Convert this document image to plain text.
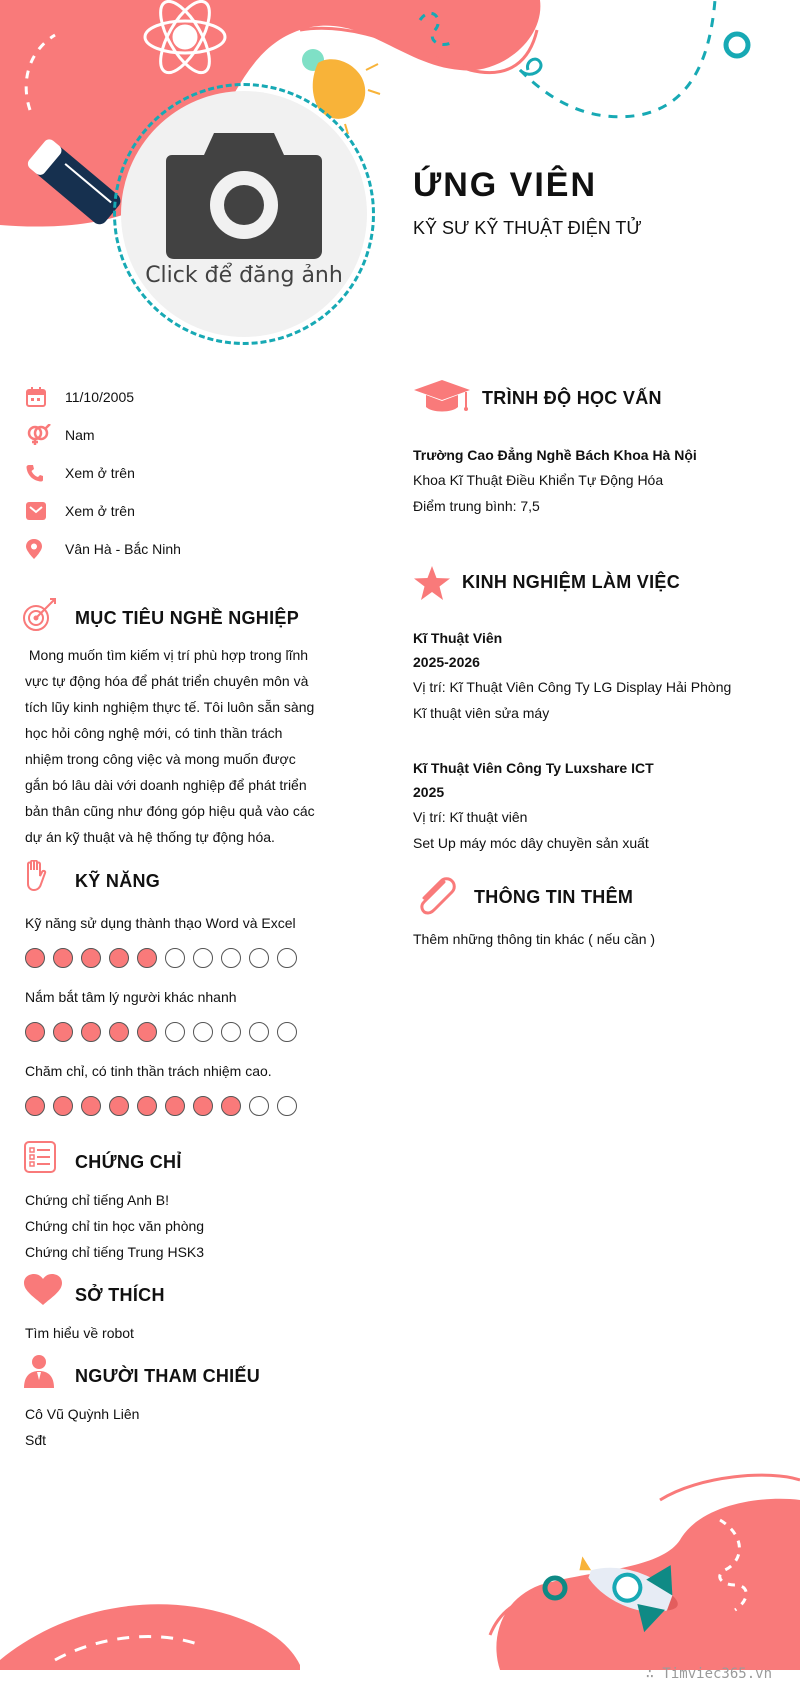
Click để đăng ảnh
ỨNG VIÊN
KỸ SƯ KỸ THUẬT ĐIỆN TỬ
11/10/2005
Nam
Xem ở trên
Xem ở trên
Vân Hà - Bắc Ninh
MỤC TIÊU NGHỀ NGHIỆP
Mong muốn tìm kiếm vị trí phù hợp trong lĩnh
vực tự động hóa để phát triển chuyên môn và
tích lũy kinh nghiệm thực tế. Tôi luôn sẵn sàng
học hỏi công nghệ mới, có tinh thần trách
nhiệm trong công việc và mong muốn được
gắn bó lâu dài với doanh nghiệp để phát triển
bản thân cũng như đóng góp hiệu quả vào các
dự án kỹ thuật và hệ thống tự động hóa.
KỸ NĂNG
Kỹ năng sử dụng thành thạo Word và Excel
Nắm bắt tâm lý người khác nhanh
Chăm chỉ, có tinh thần trách nhiệm cao.
CHỨNG CHỈ
Chứng chỉ tiếng Anh B!
Chứng chỉ tin học văn phòng
Chứng chỉ tiếng Trung HSK3
SỞ THÍCH
Tìm hiểu về robot
NGƯỜI THAM CHIẾU
Cô Vũ Quỳnh Liên
Sđt
TRÌNH ĐỘ HỌC VẤN
Trường Cao Đẳng Nghề Bách Khoa Hà Nội
Khoa Kĩ Thuật Điều Khiển Tự Động Hóa
Điểm trung bình: 7,5
KINH NGHIỆM LÀM VIỆC
Kĩ Thuật Viên
2025-2026
Vị trí: Kĩ Thuật Viên Công Ty LG Display Hải Phòng
Kĩ thuật viên sửa máy
Kĩ Thuật Viên Công Ty Luxshare ICT
2025
Vị trí: Kĩ thuật viên
Set Up máy móc dây chuyền sản xuất
THÔNG TIN THÊM
Thêm những thông tin khác ( nếu cần )
∴ Timviec365.vn
